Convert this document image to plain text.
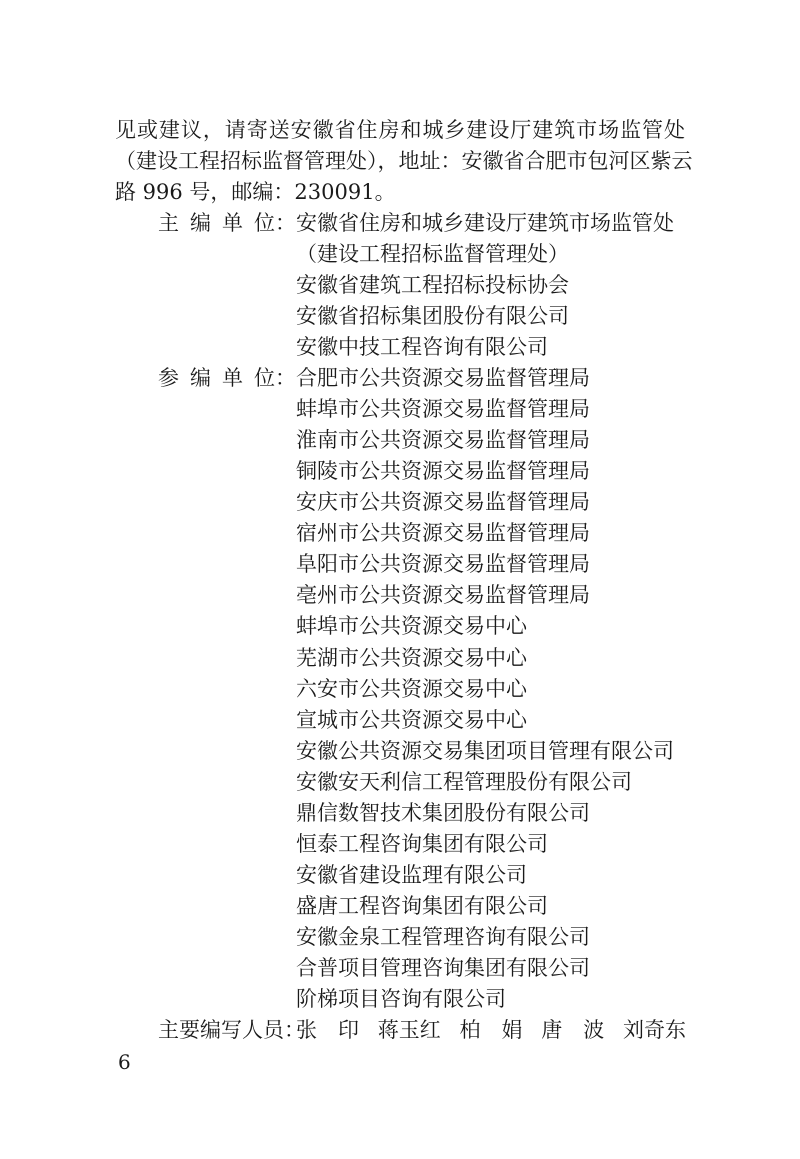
见或建议，请寄送安徽省住房和城乡建设厅建筑市场监管处
（建设工程招标监督管理处），地址：安徽省合肥市包河区紫云
路 996 号，邮编：230091。
主 编 单 位： 安徽省住房和城乡建设厅建筑市场监管处
（建设工程招标监督管理处）
安徽省建筑工程招标投标协会
安徽省招标集团股份有限公司
安徽中技工程咨询有限公司
参 编 单 位： 合肥市公共资源交易监督管理局
蚌埠市公共资源交易监督管理局
淮南市公共资源交易监督管理局
铜陵市公共资源交易监督管理局
安庆市公共资源交易监督管理局
宿州市公共资源交易监督管理局
阜阳市公共资源交易监督管理局
亳州市公共资源交易监督管理局
蚌埠市公共资源交易中心
芜湖市公共资源交易中心
六安市公共资源交易中心
宣城市公共资源交易中心
安徽公共资源交易集团项目管理有限公司
安徽安天利信工程管理股份有限公司
鼎信数智技术集团股份有限公司
恒泰工程咨询集团有限公司
安徽省建设监理有限公司
盛唐工程咨询集团有限公司
安徽金泉工程管理咨询有限公司
合普项目管理咨询集团有限公司
阶梯项目咨询有限公司
主要编写人员：
张　印 蒋玉红 柏　娟 唐　波 刘奇东
6
